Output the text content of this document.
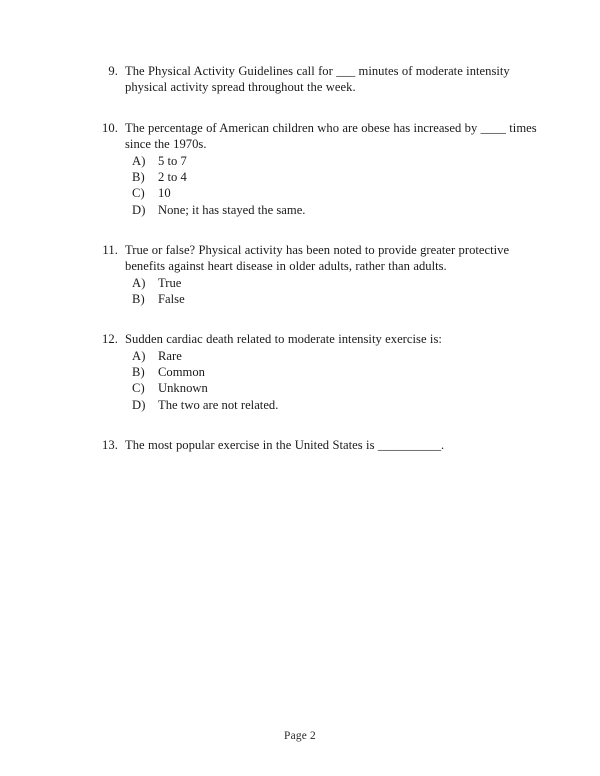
9. The Physical Activity Guidelines call for ___ minutes of moderate intensity physical activity spread throughout the week.
10. The percentage of American children who are obese has increased by ____ times since the 1970s.
A) 5 to 7
B)	2 to 4
C)	10
D) None; it has stayed the same.
11. True or false? Physical activity has been noted to provide greater protective benefits against heart disease in older adults, rather than adults.
A) True
B)	False
12. Sudden cardiac death related to moderate intensity exercise is:
A) Rare
B)	Common
C)	Unknown
D) The two are not related.
13. The most popular exercise in the United States is __________.
Page 2
